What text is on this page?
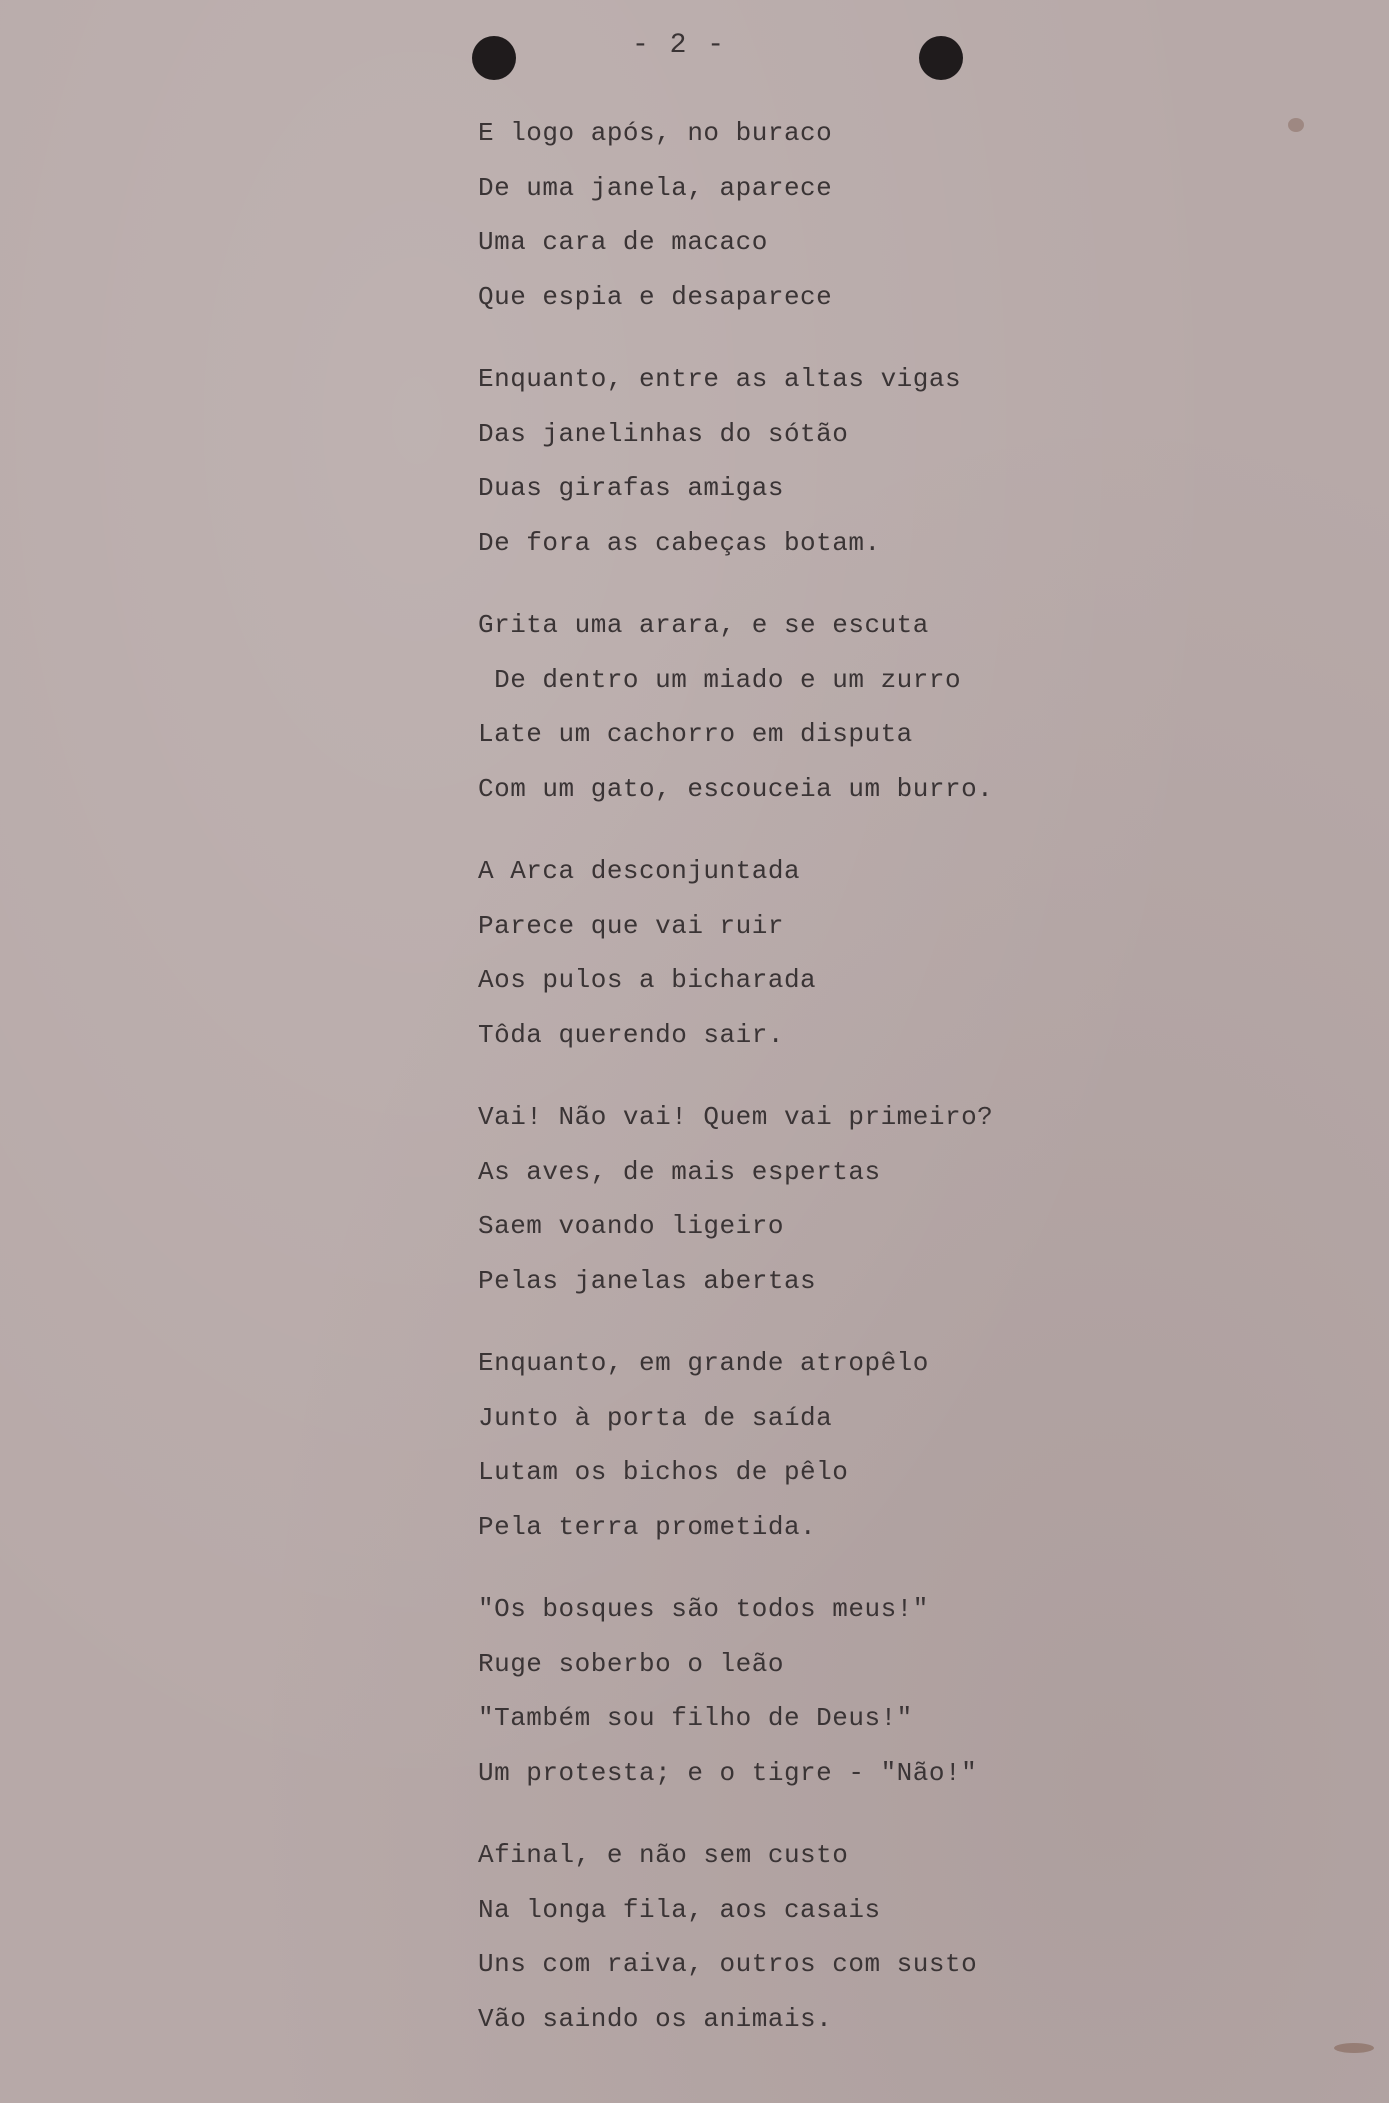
- 2 -
E logo após, no buraco
De uma janela, aparece
Uma cara de macaco
Que espia e desaparece
Enquanto, entre as altas vigas
Das janelinhas do sótão
Duas girafas amigas
De fora as cabeças botam.
Grita uma arara, e se escuta
De dentro um miado e um zurro
Late um cachorro em disputa
Com um gato, escouceia um burro.
A Arca desconjuntada
Parece que vai ruir
Aos pulos a bicharada
Tôda querendo sair.
Vai! Não vai! Quem vai primeiro?
As aves, de mais espertas
Saem voando ligeiro
Pelas janelas abertas
Enquanto, em grande atropêlo
Junto à porta de saída
Lutam os bichos de pêlo
Pela terra prometida.
"Os bosques são todos meus!"
Ruge soberbo o leão
"Também sou filho de Deus!"
Um protesta; e o tigre - "Não!"
Afinal, e não sem custo
Na longa fila, aos casais
Uns com raiva, outros com susto
Vão saindo os animais.
